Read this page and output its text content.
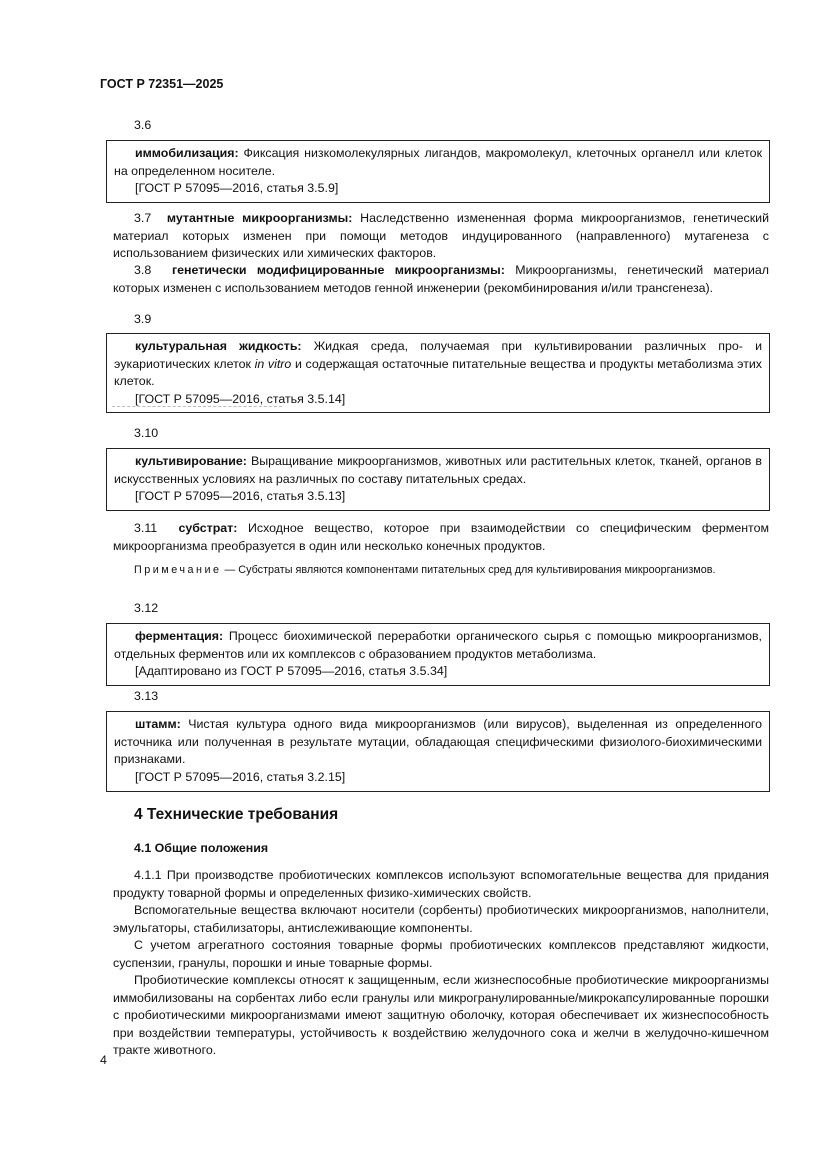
ГОСТ Р 72351—2025
3.6

иммобилизация: Фиксация низкомолекулярных лигандов, макромолекул, клеточных органелл или клеток на определенном носителе.

[ГОСТ Р 57095—2016, статья 3.5.9]

3.7 мутантные микроорганизмы: Наследственно измененная форма микроорганизмов, генетический материал которых изменен при помощи методов индуцированного (направленного) мутагенеза с использованием физических или химических факторов.

3.8 генетически модифицированные микроорганизмы: Микроорганизмы, генетический материал которых изменен с использованием методов генной инженерии (рекомбинирования и/или трансгенеза).

3.9

культуральная жидкость: Жидкая среда, получаемая при культивировании различных про- и эукариотических клеток in vitro и содержащая остаточные питательные вещества и продукты метаболизма этих клеток.

[ГОСТ Р 57095—2016, статья 3.5.14]

3.10

культивирование: Выращивание микроорганизмов, животных или растительных клеток, тканей, органов в искусственных условиях на различных по составу питательных средах.

[ГОСТ Р 57095—2016, статья 3.5.13]

3.11 субстрат: Исходное вещество, которое при взаимодействии со специфическим ферментом микроорганизма преобразуется в один или несколько конечных продуктов.

Примечание — Субстраты являются компонентами питательных сред для культивирования микроорганизмов.

3.12

ферментация: Процесс биохимической переработки органического сырья с помощью микроорганизмов, отдельных ферментов или их комплексов с образованием продуктов метаболизма.

[Адаптировано из ГОСТ Р 57095—2016, статья 3.5.34]

3.13

штамм: Чистая культура одного вида микроорганизмов (или вирусов), выделенная из определенного источника или полученная в результате мутации, обладающая специфическими физиолого-биохимическими признаками.

[ГОСТ Р 57095—2016, статья 3.2.15]

4 Технические требования
4.1 Общие положения

4.1.1 При производстве пробиотических комплексов используют вспомогательные вещества для придания продукту товарной формы и определенных физико-химических свойств.

Вспомогательные вещества включают носители (сорбенты) пробиотических микроорганизмов, наполнители, эмульгаторы, стабилизаторы, антислеживающие компоненты.

С учетом агрегатного состояния товарные формы пробиотических комплексов представляют жидкости, суспензии, гранулы, порошки и иные товарные формы.

Пробиотические комплексы относят к защищенным, если жизнеспособные пробиотические микроорганизмы иммобилизованы на сорбентах либо если гранулы или микрогранулированные/микрокапсулированные порошки с пробиотическими микроорганизмами имеют защитную оболочку, которая обеспечивает их жизнеспособность при воздействии температуры, устойчивость к воздействию желудочного сока и желчи в желудочно-кишечном тракте животного.

4
